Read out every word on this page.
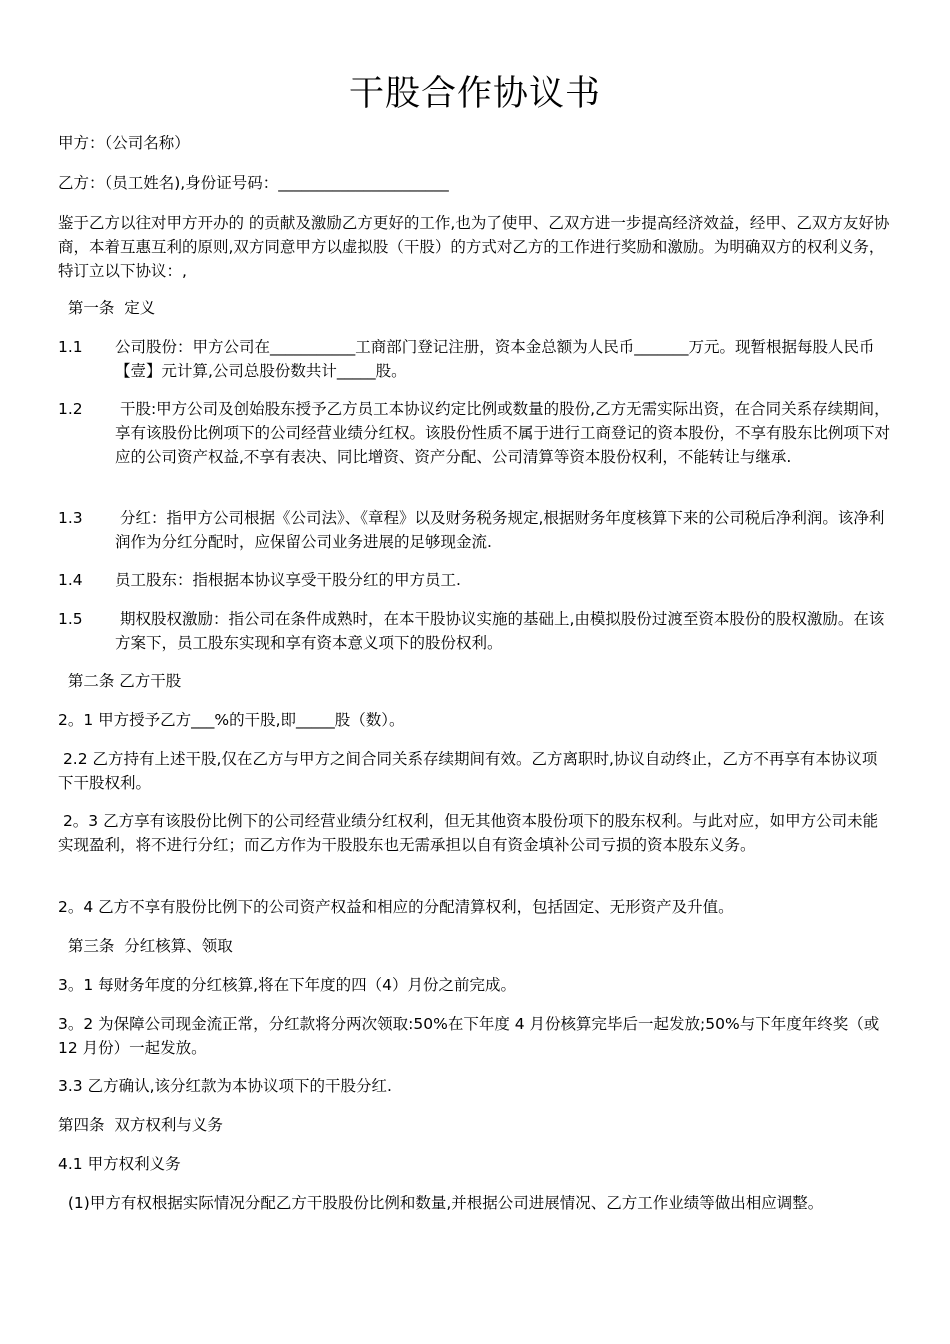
干股合作协议书
甲方：（公司名称）
乙方：（员工姓名),身份证号码：______________________
鉴于乙方以往对甲方开办的 的贡献及激励乙方更好的工作,也为了使甲、乙双方进一步提高经济效益，经甲、乙双方友好协商，本着互惠互利的原则,双方同意甲方以虚拟股（干股）的方式对乙方的工作进行奖励和激励。为明确双方的权利义务，特订立以下协议：,
第一条  定义
1.1	公司股份：甲方公司在___________工商部门登记注册，资本金总额为人民币_______万元。现暂根据每股人民币【壹】元计算,公司总股份数共计_____股。
1.2	干股:甲方公司及创始股东授予乙方员工本协议约定比例或数量的股份,乙方无需实际出资，在合同关系存续期间，享有该股份比例项下的公司经营业绩分红权。该股份性质不属于进行工商登记的资本股份，不享有股东比例项下对应的公司资产权益,不享有表决、同比增资、资产分配、公司清算等资本股份权利，不能转让与继承.
1.3	分红：指甲方公司根据《公司法》、《章程》以及财务税务规定,根据财务年度核算下来的公司税后净利润。该净利润作为分红分配时，应保留公司业务进展的足够现金流.
1.4	员工股东：指根据本协议享受干股分红的甲方员工.
1.5	期权股权激励：指公司在条件成熟时，在本干股协议实施的基础上,由模拟股份过渡至资本股份的股权激励。在该方案下，员工股东实现和享有资本意义项下的股份权利。
第二条 乙方干股
2。1 甲方授予乙方___%的干股,即_____股（数）。
2.2 乙方持有上述干股,仅在乙方与甲方之间合同关系存续期间有效。乙方离职时,协议自动终止，乙方不再享有本协议项下干股权利。
2。3 乙方享有该股份比例下的公司经营业绩分红权利，但无其他资本股份项下的股东权利。与此对应，如甲方公司未能实现盈利，将不进行分红；而乙方作为干股股东也无需承担以自有资金填补公司亏损的资本股东义务。
2。4 乙方不享有股份比例下的公司资产权益和相应的分配清算权利，包括固定、无形资产及升值。
第三条  分红核算、领取
3。1 每财务年度的分红核算,将在下年度的四（4）月份之前完成。
3。2 为保障公司现金流正常，分红款将分两次领取:50%在下年度 4 月份核算完毕后一起发放;50%与下年度年终奖（或 12 月份）一起发放。
3.3 乙方确认,该分红款为本协议项下的干股分红.
第四条  双方权利与义务
4.1 甲方权利义务
(1)甲方有权根据实际情况分配乙方干股股份比例和数量,并根据公司进展情况、乙方工作业绩等做出相应调整。
